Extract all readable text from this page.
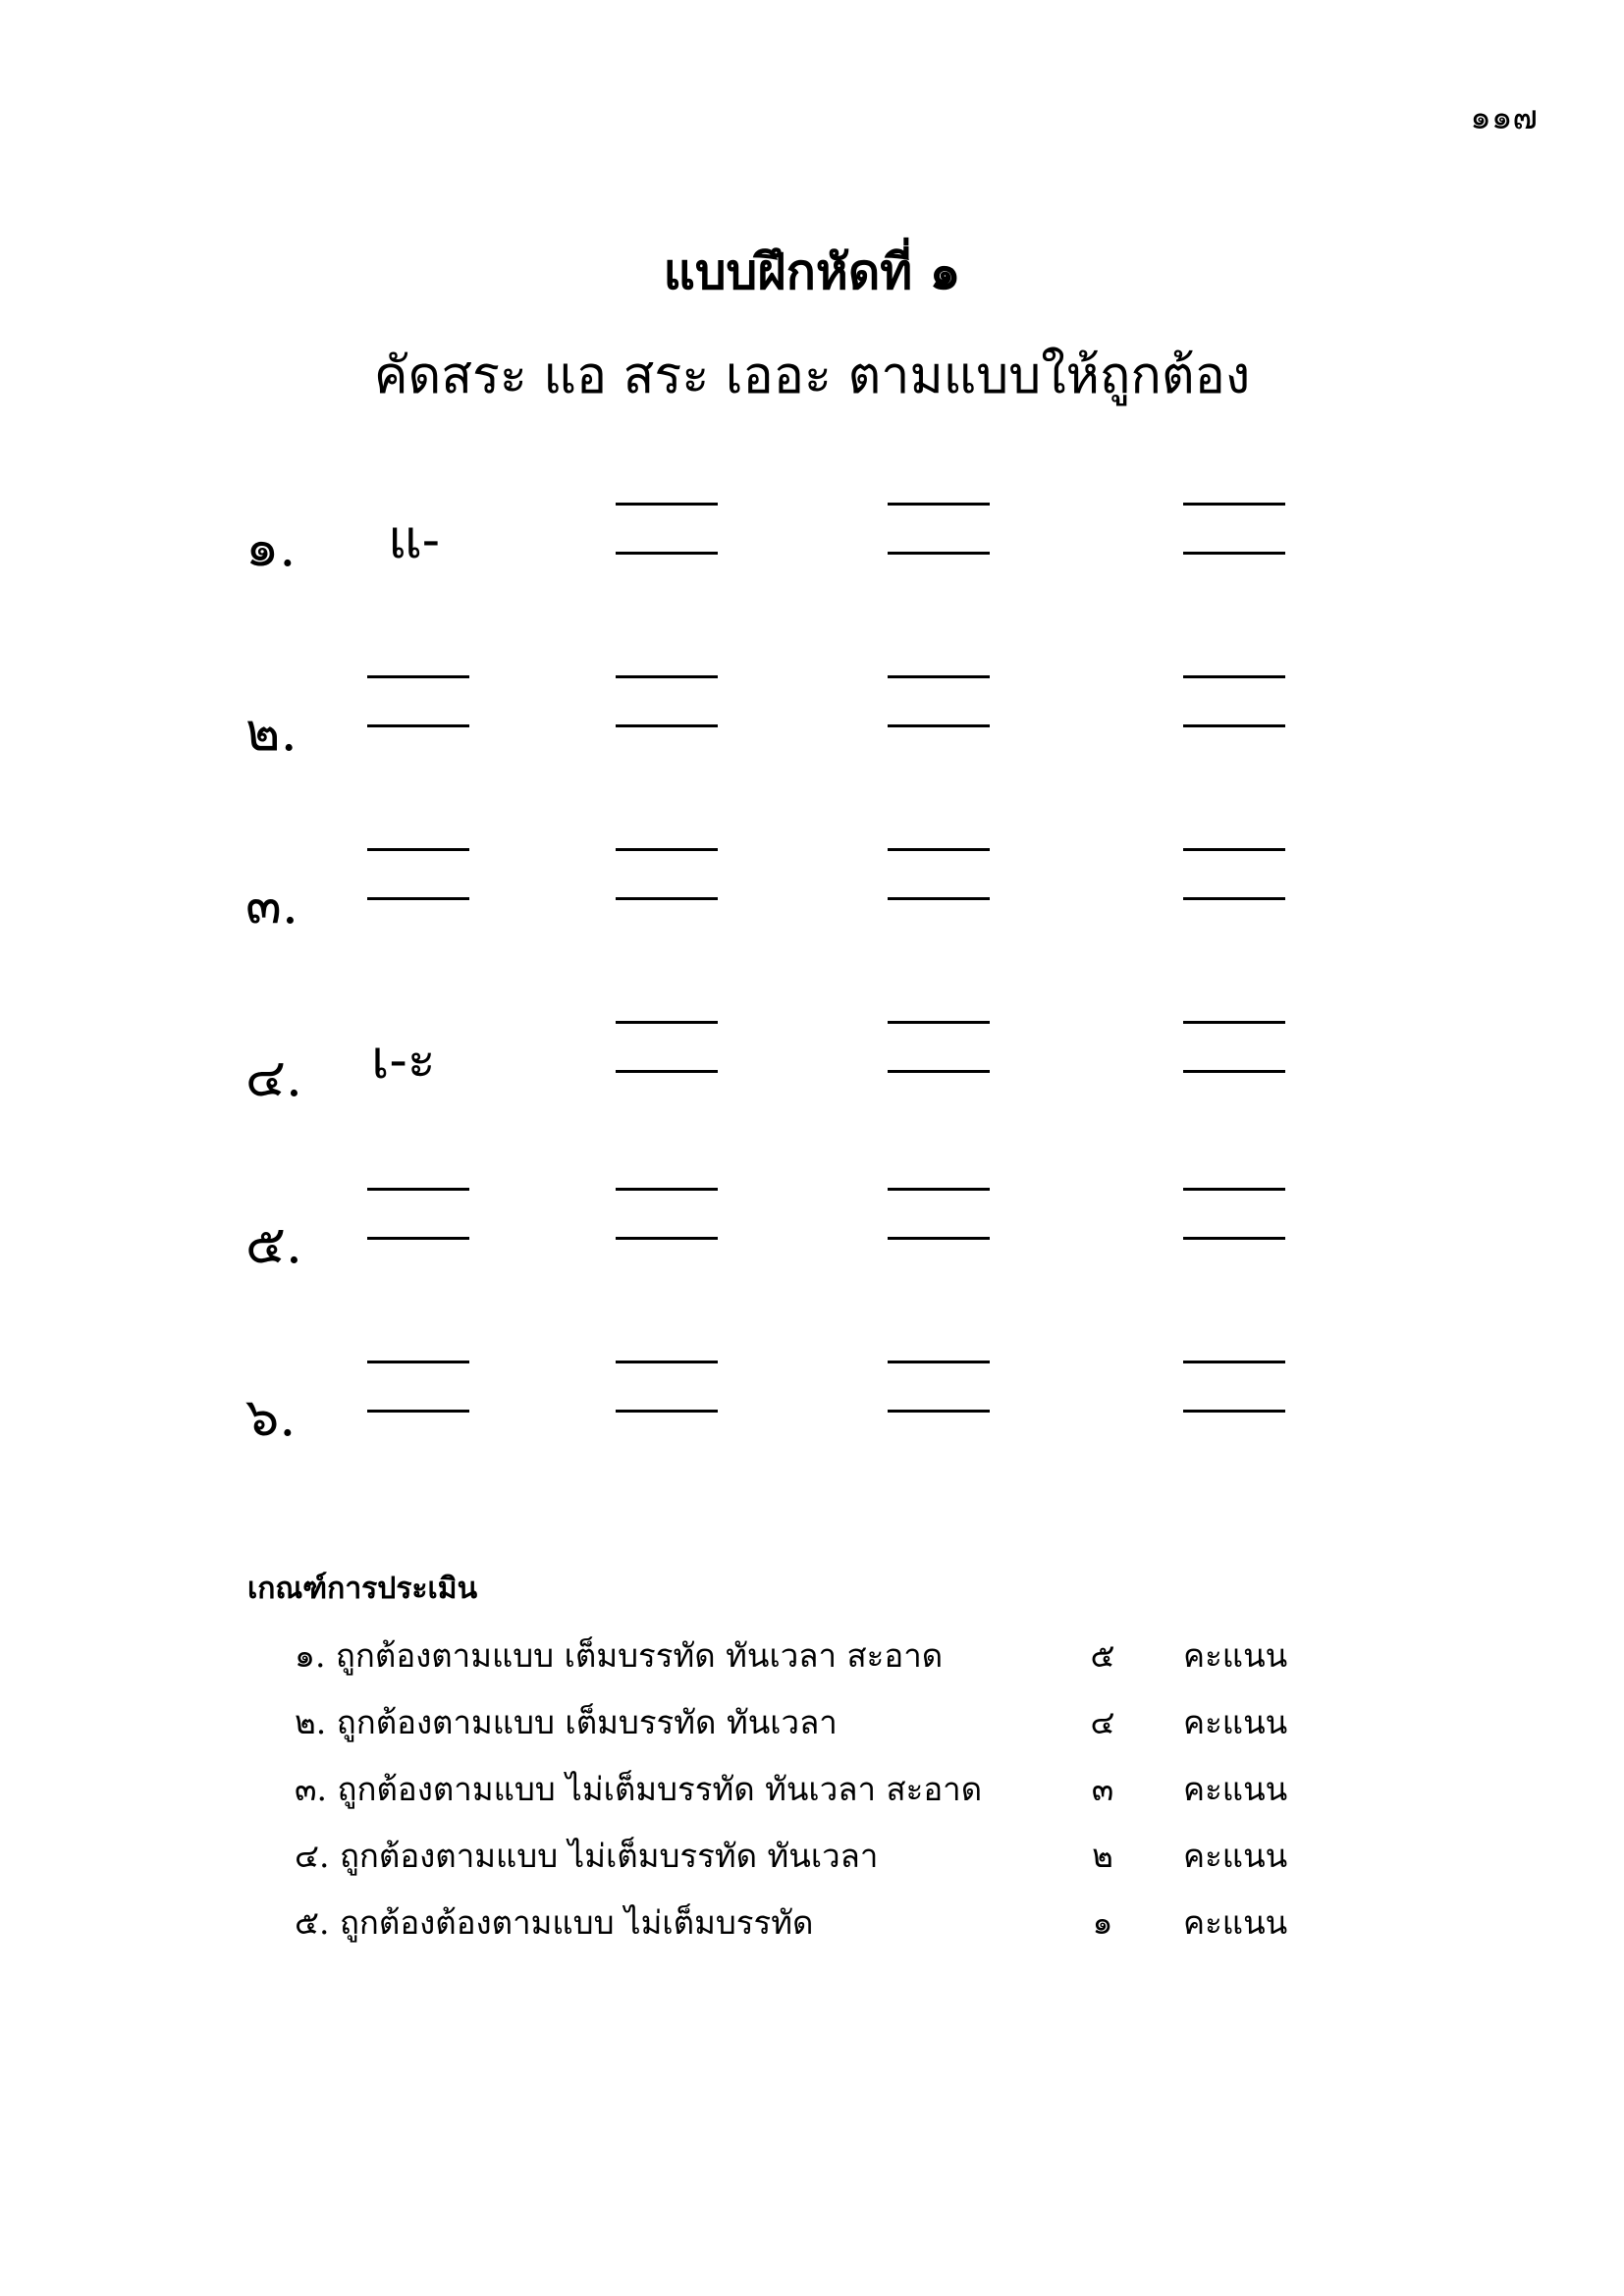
๑๑๗
แบบฝึกหัดที่ ๑
คัดสระ แอ สระ เออะ ตามแบบให้ถูกต้อง
๑. แ-
๒.
๓.
๔. เ-ะ
๕.
๖.
เกณฑ์การประเมิน
๑. ถูกต้องตามแบบ เต็มบรรทัด ทันเวลา สะอาด	๕	คะแนน
๒. ถูกต้องตามแบบ เต็มบรรทัด ทันเวลา	๔	คะแนน
๓. ถูกต้องตามแบบ ไม่เต็มบรรทัด ทันเวลา สะอาด	๓	คะแนน
๔. ถูกต้องตามแบบ ไม่เต็มบรรทัด ทันเวลา	๒	คะแนน
๕. ถูกต้องต้องตามแบบ ไม่เต็มบรรทัด	๑	คะแนน
